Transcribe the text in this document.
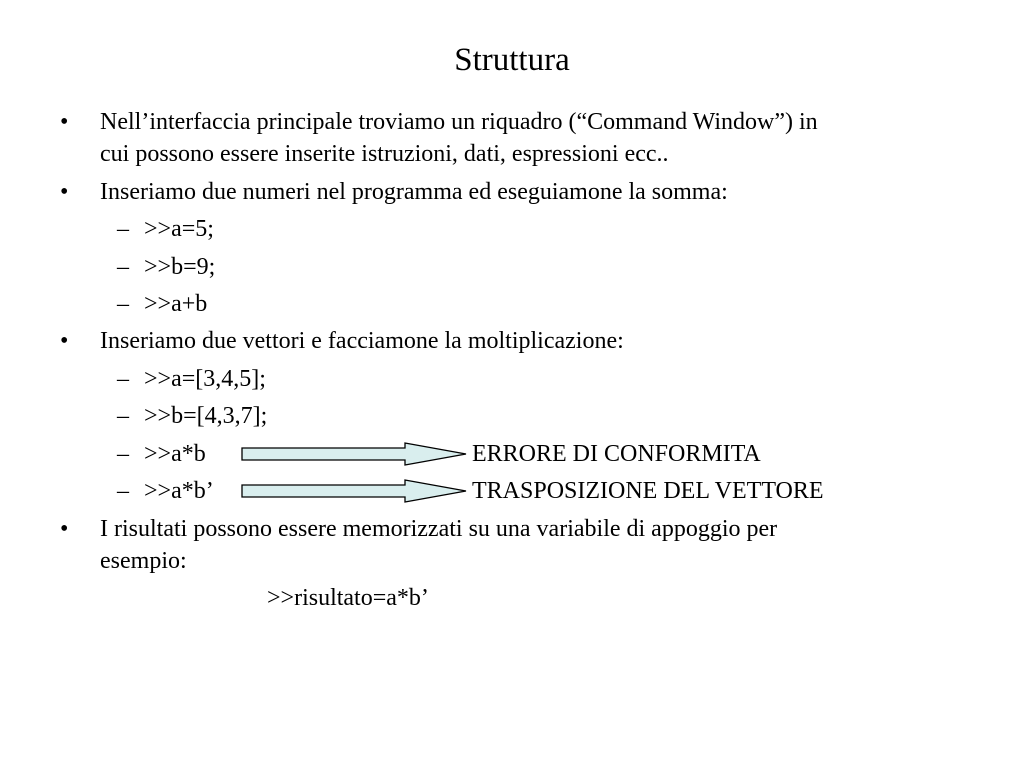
Struttura
• Nell’interfaccia principale troviamo un riquadro (“Command Window”) in
cui possono essere inserite istruzioni, dati, espressioni ecc..
• Inseriamo due numeri nel programma ed eseguiamone la somma:
– >>a=5;
– >>b=9;
– >>a+b
• Inseriamo due vettori e facciamone la moltiplicazione:
– >>a=[3,4,5];
– >>b=[4,3,7];
– >>a*b	ERRORE DI CONFORMITA
– >>a*b’	TRASPOSIZIONE DEL VETTORE
• I risultati possono essere memorizzati su una variabile di appoggio per
esempio:
>>risultato=a*b’
